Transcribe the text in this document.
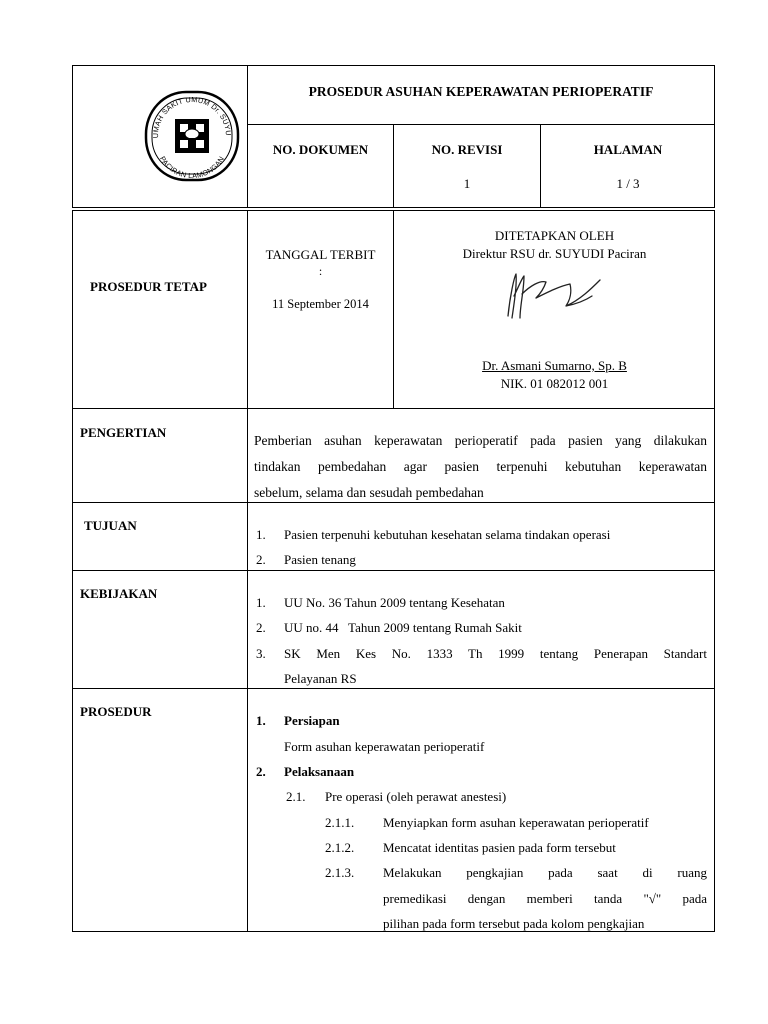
UMAH SAKIT UMUM Dr. SUYU
PACIRAN LAMONGAN
PROSEDUR ASUHAN KEPERAWATAN PERIOPERATIF
NO. DOKUMEN	NO. REVISI
1
HALAMAN
1 / 3
PROSEDUR TETAP
TANGGAL TERBIT
:
11 September 2014
DITETAPKAN OLEH
Direktur RSU dr. SUYUDI Paciran
Dr. Asmani Sumarno, Sp. B
NIK. 01 082012 001
PENGERTIAN
Pemberian asuhan keperawatan perioperatif pada pasien yang dilakukan
tindakan pembedahan agar pasien terpenuhi kebutuhan keperawatan
sebelum, selama dan sesudah pembedahan
TUJUAN
1. Pasien terpenuhi kebutuhan kesehatan selama tindakan operasi
2. Pasien tenang
KEBIJAKAN
1. UU No. 36 Tahun 2009 tentang Kesehatan
2. UU no. 44   Tahun 2009 tentang Rumah Sakit
3. SK Men Kes No. 1333 Th 1999 tentang Penerapan Standart
Pelayanan RS
PROSEDUR
1. Persiapan
Form asuhan keperawatan perioperatif
2. Pelaksanaan
2.1. Pre operasi (oleh perawat anestesi)
2.1.1. Menyiapkan form asuhan keperawatan perioperatif
2.1.2. Mencatat identitas pasien pada form tersebut
2.1.3. Melakukan pengkajian pada saat di ruang
premedikasi dengan memberi tanda "√" pada
pilihan pada form tersebut pada kolom pengkajian
